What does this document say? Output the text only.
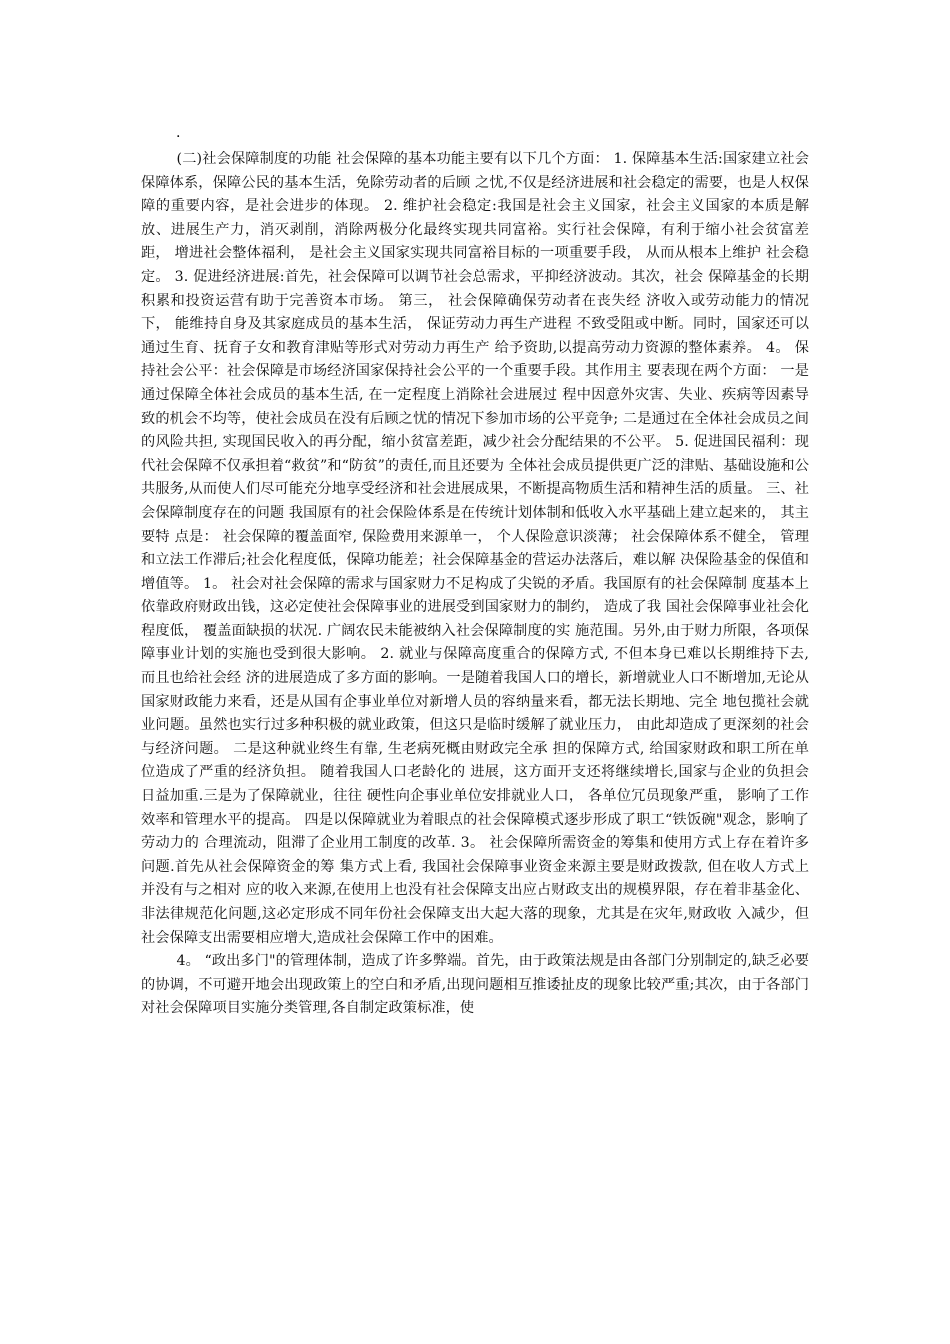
.

(二)社会保障制度的功能 社会保障的基本功能主要有以下几个方面： 1. 保障基本生活:国家建立社会保障体系，保障公民的基本生活，免除劳动者的后顾 之忧,不仅是经济进展和社会稳定的需要，也是人权保障的重要内容，是社会进步的体现。 2. 维护社会稳定:我国是社会主义国家，社会主义国家的本质是解放、进展生产力，消灭剥削，消除两极分化最终实现共同富裕。实行社会保障，有利于缩小社会贫富差距， 增进社会整体福利， 是社会主义国家实现共同富裕目标的一项重要手段， 从而从根本上维护 社会稳定。 3. 促进经济进展:首先，社会保障可以调节社会总需求，平抑经济波动。其次，社会 保障基金的长期积累和投资运营有助于完善资本市场。 第三， 社会保障确保劳动者在丧失经 济收入或劳动能力的情况下， 能维持自身及其家庭成员的基本生活， 保证劳动力再生产进程 不致受阻或中断。同时，国家还可以通过生育、抚育子女和教育津贴等形式对劳动力再生产 给予资助,以提高劳动力资源的整体素养。 4。 保持社会公平：社会保障是市场经济国家保持社会公平的一个重要手段。其作用主 要表现在两个方面： 一是通过保障全体社会成员的基本生活, 在一定程度上消除社会进展过 程中因意外灾害、失业、疾病等因素导致的机会不均等，使社会成员在没有后顾之忧的情况下参加市场的公平竞争; 二是通过在全体社会成员之间的风险共担, 实现国民收入的再分配，缩小贫富差距，减少社会分配结果的不公平。 5. 促进国民福利：现代社会保障不仅承担着“救贫”和“防贫”的责任,而且还要为 全体社会成员提供更广泛的津贴、基础设施和公共服务,从而使人们尽可能充分地享受经济和社会进展成果，不断提高物质生活和精神生活的质量。 三、社会保障制度存在的问题 我国原有的社会保险体系是在传统计划体制和低收入水平基础上建立起来的， 其主要特 点是： 社会保障的覆盖面窄, 保险费用来源单一， 个人保险意识淡薄； 社会保障体系不健全， 管理和立法工作滞后;社会化程度低，保障功能差；社会保障基金的营运办法落后，难以解 决保险基金的保值和增值等。 1。 社会对社会保障的需求与国家财力不足构成了尖锐的矛盾。我国原有的社会保障制 度基本上依靠政府财政出钱，这必定使社会保障事业的进展受到国家财力的制约， 造成了我 国社会保障事业社会化程度低， 覆盖面缺损的状况. 广阔农民未能被纳入社会保障制度的实 施范围。另外,由于财力所限，各项保障事业计划的实施也受到很大影响。 2. 就业与保障高度重合的保障方式, 不但本身已难以长期维持下去, 而且也给社会经 济的进展造成了多方面的影响。一是随着我国人口的增长，新增就业人口不断增加,无论从 国家财政能力来看，还是从国有企事业单位对新增人员的容纳量来看，都无法长期地、完全 地包揽社会就业问题。虽然也实行过多种积极的就业政策，但这只是临时缓解了就业压力， 由此却造成了更深刻的社会与经济问题。 二是这种就业终生有靠, 生老病死概由财政完全承 担的保障方式, 给国家财政和职工所在单位造成了严重的经济负担。 随着我国人口老龄化的 进展，这方面开支还将继续增长,国家与企业的负担会日益加重.三是为了保障就业，往往 硬性向企事业单位安排就业人口， 各单位冗员现象严重， 影响了工作效率和管理水平的提高。 四是以保障就业为着眼点的社会保障模式逐步形成了职工“铁饭碗"观念，影响了劳动力的 合理流动，阻滞了企业用工制度的改革. 3。 社会保障所需资金的筹集和使用方式上存在着许多问题.首先从社会保障资金的筹 集方式上看, 我国社会保障事业资金来源主要是财政拨款, 但在收人方式上并没有与之相对 应的收入来源,在使用上也没有社会保障支出应占财政支出的规模界限，存在着非基金化、 非法律规范化问题,这必定形成不同年份社会保障支出大起大落的现象，尤其是在灾年,财政收 入减少，但社会保障支出需要相应增大,造成社会保障工作中的困难。

4。 “政出多门"的管理体制，造成了许多弊端。首先，由于政策法规是由各部门分别制定的,缺乏必要的协调，不可避开地会出现政策上的空白和矛盾,出现问题相互推诿扯皮的现象比较严重;其次，由于各部门对社会保障项目实施分类管理,各自制定政策标准，使
